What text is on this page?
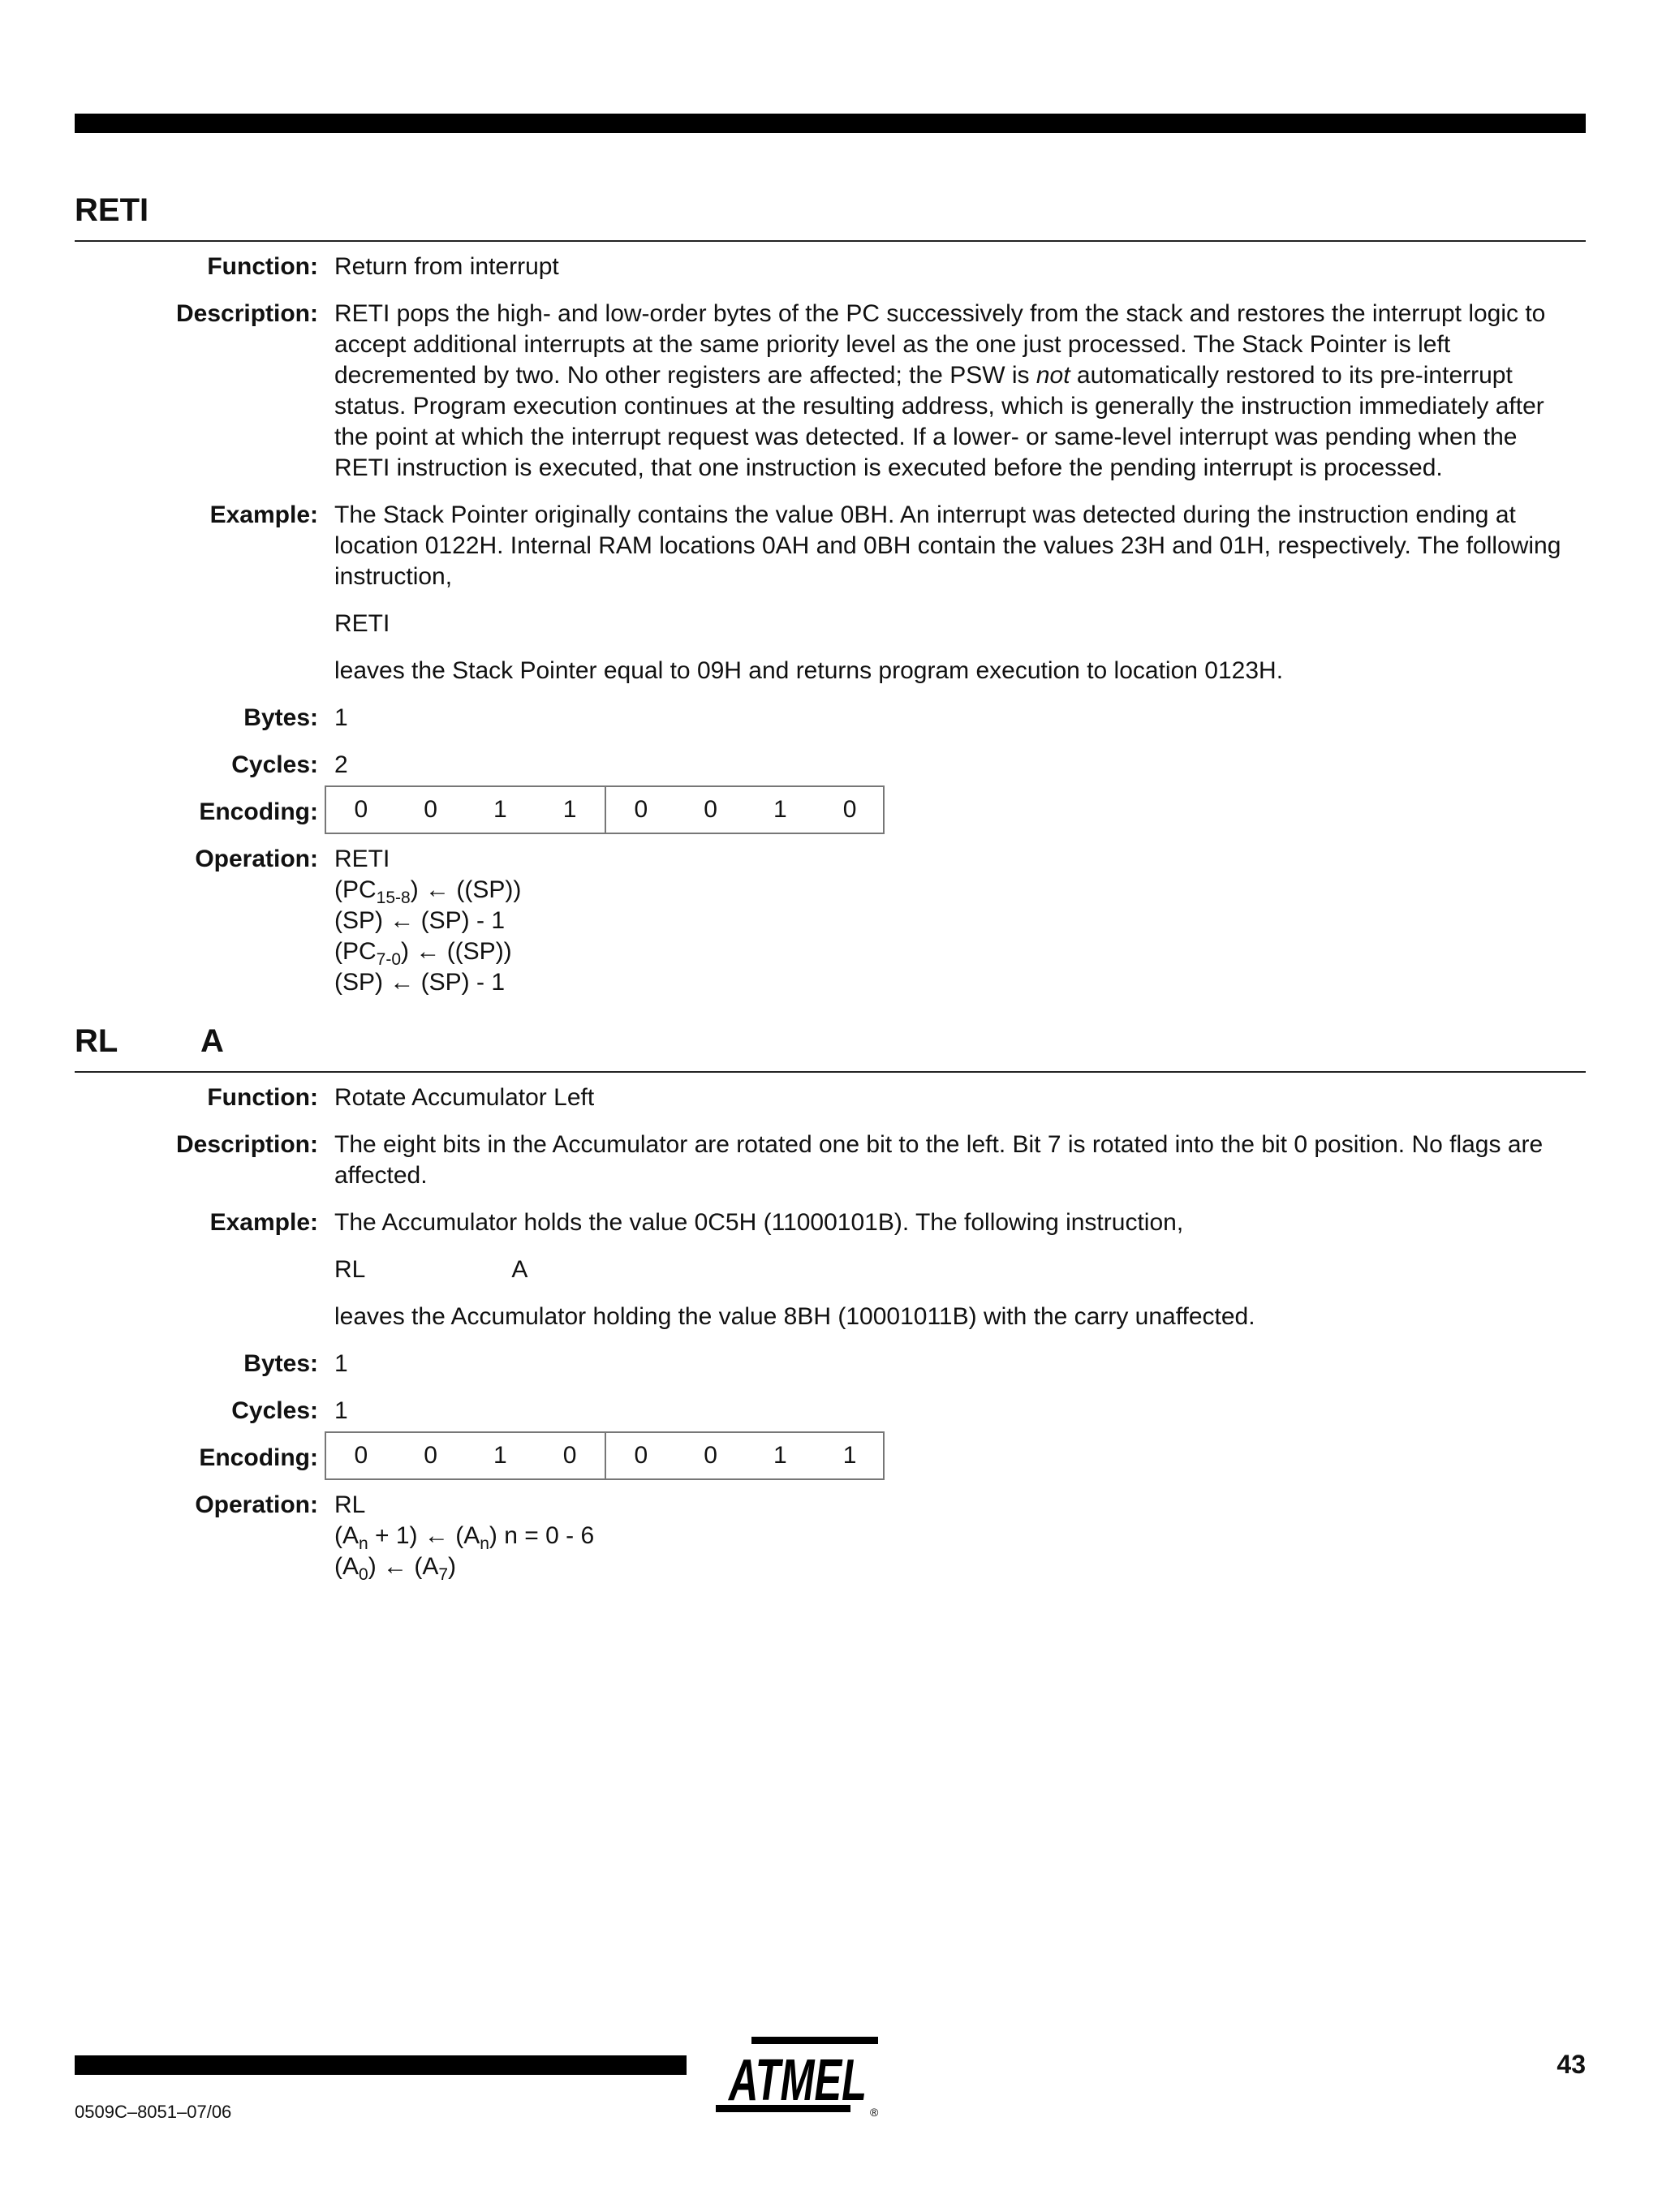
RETI
Function: Return from interrupt
Description: RETI pops the high- and low-order bytes of the PC successively from the stack and restores the interrupt logic to accept additional interrupts at the same priority level as the one just processed. The Stack Pointer is left decremented by two. No other registers are affected; the PSW is not automatically restored to its pre-interrupt status. Program execution continues at the resulting address, which is generally the instruction immediately after the point at which the interrupt request was detected. If a lower- or same-level interrupt was pending when the RETI instruction is executed, that one instruction is executed before the pending interrupt is processed.
Example: The Stack Pointer originally contains the value 0BH. An interrupt was detected during the instruction ending at location 0122H. Internal RAM locations 0AH and 0BH contain the values 23H and 01H, respectively. The following instruction,

RETI

leaves the Stack Pointer equal to 09H and returns program execution to location 0123H.

Bytes: 1
Cycles: 2
Encoding:	0	0	1	1	0	0	1	0
Operation: RETI
$(PC_{15-8})$ ← ((SP))
(SP) ← (SP) - 1
$(PC_{7-0})$ ← ((SP))
(SP) ← (SP) - 1
RL	A
Function: Rotate Accumulator Left
Description: The eight bits in the Accumulator are rotated one bit to the left. Bit 7 is rotated into the bit 0 position. No flags are affected.
Example: The Accumulator holds the value 0C5H (11000101B). The following instruction,

RL	A

leaves the Accumulator holding the value 8BH (10001011B) with the carry unaffected.

Bytes: 1
Cycles: 1
Encoding:	0	0	1	0	0	0	1	1
Operation: RL
$(A_n + 1)$ ← $(A_n) n = 0 - 6$
$(A_0)$ ← $(A_7)$
0509C–8051–07/06	ATMEL ®
43
